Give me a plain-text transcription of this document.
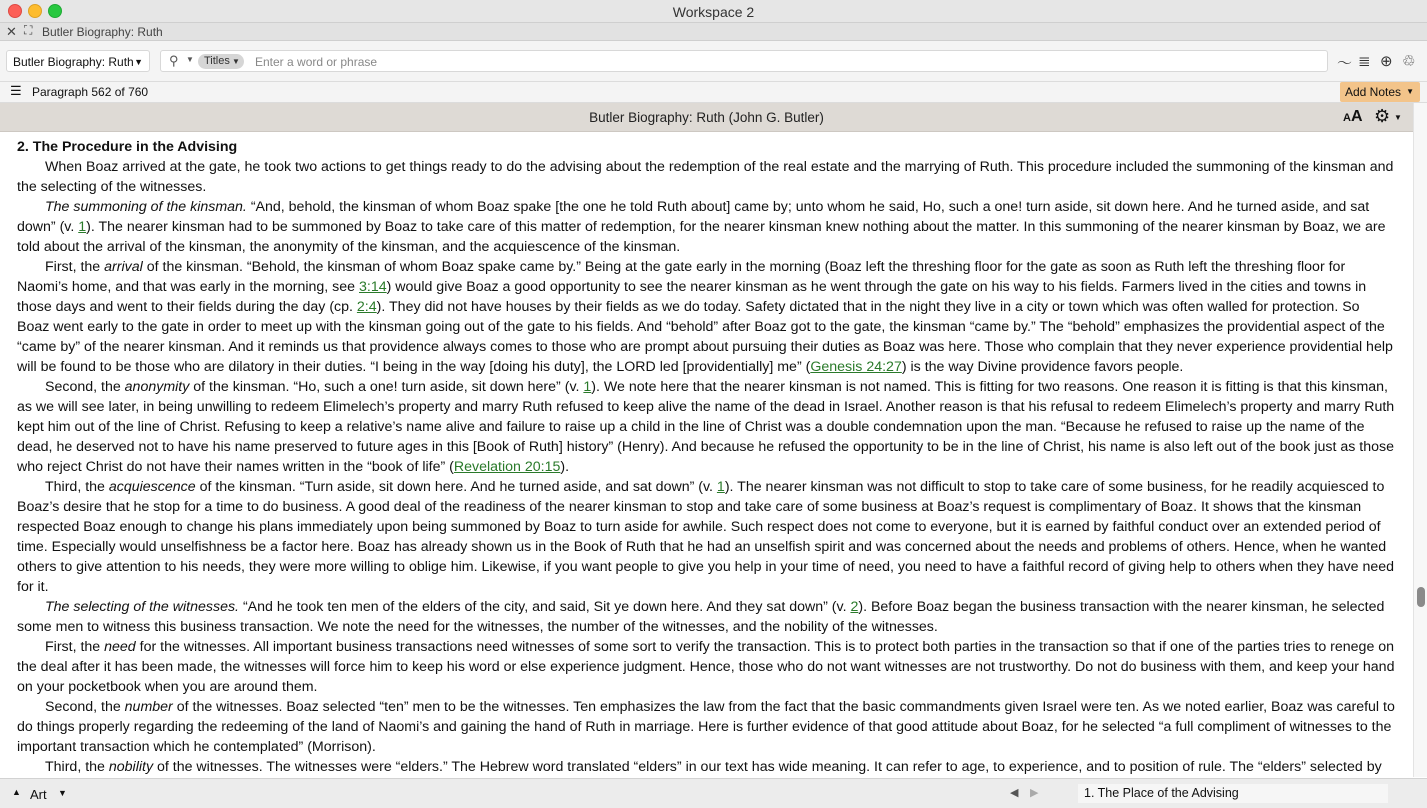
Workspace 2
✕ ⛶ Butler Biography: Ruth
Butler Biography: Ruth ▼ ⚲ ▼ Titles ▼
Enter a word or phrase	〜 ≣ ⊕ ♲
☰ Paragraph 562 of 760	Add Notes ▼
Butler Biography: Ruth (John G. Butler)	AA ⚙ ▼
2. The Procedure in the Advising

When Boaz arrived at the gate, he took two actions to get things ready to do the advising about the redemption of the real estate and the marrying of Ruth. This procedure included the summoning of the kinsman and the selecting of the witnesses.

The summoning of the kinsman. “And, behold, the kinsman of whom Boaz spake [the one he told Ruth about] came by; unto whom he said, Ho, such a one! turn aside, sit down here. And he turned aside, and sat down” (v. 1). The nearer kinsman had to be summoned by Boaz to take care of this matter of redemption, for the nearer kinsman knew nothing about the matter. In this summoning of the nearer kinsman by Boaz, we are told about the arrival of the kinsman, the anonymity of the kinsman, and the acquiescence of the kinsman.

First, the arrival of the kinsman. “Behold, the kinsman of whom Boaz spake came by.” Being at the gate early in the morning (Boaz left the threshing floor for the gate as soon as Ruth left the threshing floor for Naomi’s home, and that was early in the morning, see 3:14) would give Boaz a good opportunity to see the nearer kinsman as he went through the gate on his way to his fields. Farmers lived in the cities and towns in those days and went to their fields during the day (cp. 2:4). They did not have houses by their fields as we do today. Safety dictated that in the night they live in a city or town which was often walled for protection. So Boaz went early to the gate in order to meet up with the kinsman going out of the gate to his fields. And “behold” after Boaz got to the gate, the kinsman “came by.” The “behold” emphasizes the providential aspect of the “came by” of the nearer kinsman. And it reminds us that providence always comes to those who are prompt about pursuing their duties as Boaz was here. Those who complain that they never experience providential help will be found to be those who are dilatory in their duties. “I being in the way [doing his duty], the LORD led [providentially] me” (Genesis 24:27) is the way Divine providence favors people.

Second, the anonymity of the kinsman. “Ho, such a one! turn aside, sit down here” (v. 1). We note here that the nearer kinsman is not named. This is fitting for two reasons. One reason it is fitting is that this kinsman, as we will see later, in being unwilling to redeem Elimelech’s property and marry Ruth refused to keep alive the name of the dead in Israel. Another reason is that his refusal to redeem Elimelech’s property and marry Ruth kept him out of the line of Christ. Refusing to keep a relative’s name alive and failure to raise up a child in the line of Christ was a double condemnation upon the man. “Because he refused to raise up the name of the dead, he deserved not to have his name preserved to future ages in this [Book of Ruth] history” (Henry). And because he refused the opportunity to be in the line of Christ, his name is also left out of the book just as those who reject Christ do not have their names written in the “book of life” (Revelation 20:15).

Third, the acquiescence of the kinsman. “Turn aside, sit down here. And he turned aside, and sat down” (v. 1). The nearer kinsman was not difficult to stop to take care of some business, for he readily acquiesced to Boaz’s desire that he stop for a time to do business. A good deal of the readiness of the nearer kinsman to stop and take care of some business at Boaz’s request is complimentary of Boaz. It shows that the kinsman respected Boaz enough to change his plans immediately upon being summoned by Boaz to turn aside for awhile. Such respect does not come to everyone, but it is earned by faithful conduct over an extended period of time. Especially would unselfishness be a factor here. Boaz has already shown us in the Book of Ruth that he had an unselfish spirit and was concerned about the needs and problems of others. Hence, when he wanted others to give attention to his needs, they were more willing to oblige him. Likewise, if you want people to give you help in your time of need, you need to have a faithful record of giving help to others when they have need for it.

The selecting of the witnesses. “And he took ten men of the elders of the city, and said, Sit ye down here. And they sat down” (v. 2). Before Boaz began the business transaction with the nearer kinsman, he selected some men to witness this business transaction. We note the need for the witnesses, the number of the witnesses, and the nobility of the witnesses.

First, the need for the witnesses. All important business transactions need witnesses of some sort to verify the transaction. This is to protect both parties in the transaction so that if one of the parties tries to renege on the deal after it has been made, the witnesses will force him to keep his word or else experience judgment. Hence, those who do not want witnesses are not trustworthy. Do not do business with them, and keep your hand on your pocketbook when you are around them.

Second, the number of the witnesses. Boaz selected “ten” men to be the witnesses. Ten emphasizes the law from the fact that the basic commandments given Israel were ten. As we noted earlier, Boaz was careful to do things properly regarding the redeeming of the land of Naomi’s and gaining the hand of Ruth in marriage. Here is further evidence of that good attitude about Boaz, for he selected “a full compliment of witnesses to the important transaction which he contemplated” (Morrison).

Third, the nobility of the witnesses. The witnesses were “elders.” The Hebrew word translated “elders” in our text has wide meaning. It can refer to age, to experience, and to position of rule. The “elders” selected by

▲ Art ▼	◀ ▶	1. The Place of the Advising
